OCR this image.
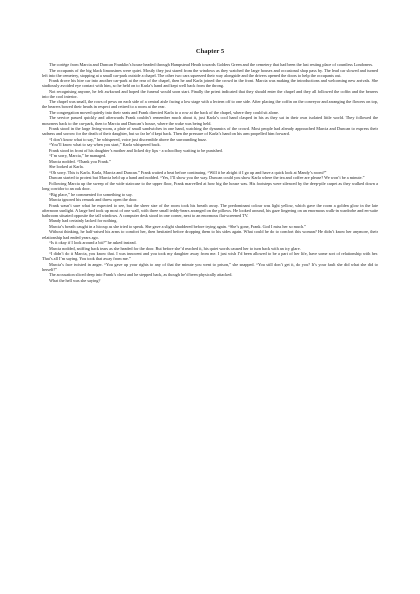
Chapter 5

The cortège from Marcia and Duncan Franklin’s house headed through Hampstead Heath towards Golders Green and the cemetery that had been the last resting place of countless Londoners.

The occupants of the big black limousines were quiet. Mostly they just stared from the windows as they watched the large houses and occasional shop pass by. The lead car slowed and turned left into the cemetery, stopping at a small car-park outside a chapel. The other two cars squeezed their way alongside and the drivers opened the doors to help the occupants out.

Frank drove his hire car into another car-park at the rear of the chapel, then he and Karla joined the crowd in the front. Marcia was making the introductions and welcoming new arrivals. She studiously avoided eye contact with him, so he held on to Karla’s hand and kept well back from the throng.

Not recognising anyone, he felt awkward and hoped the funeral would soon start. Finally the priest indicated that they should enter the chapel and they all followed the coffin and the bearers into the cool interior.

The chapel was small, the rows of pews on each side of a central aisle facing a low stage with a lectern off to one side. After placing the coffin on the conveyor and arranging the flowers on top, the bearers bowed their heads in respect and retired to a room at the rear.

The congregation moved quietly into their seats and Frank directed Karla to a row at the back of the chapel, where they could sit alone.

The service passed quickly and afterwards Frank couldn’t remember much about it, just Karla’s cool hand clasped in his as they sat in their own isolated little world. They followed the mourners back to the car-park, then to Marcia and Duncan’s house, where the wake was being held.

Frank stood in the large living-room, a plate of small sandwiches in one hand, watching the dynamics of the crowd. Most people had already approached Marcia and Duncan to express their sadness and sorrow for the death of their daughter, but so far he’d kept back. Then the pressure of Karla’s hand on his arm propelled him forward.

“I don’t know what to say,” he whispered, voice just discernible above the surrounding buzz.

“You’ll know what to say when you start,” Karla whispered back.

Frank stood in front of his daughter’s mother and licked dry lips - a schoolboy waiting to be punished.

“I’m sorry, Marcia,” he managed.

Marcia nodded. “Thank you Frank.”

She looked at Karla.

“Oh sorry. This is Karla. Karla, Marcia and Duncan.” Frank waited a beat before continuing. “Will it be alright if I go up and have a quick look at Mandy’s room?”

Duncan started to protest but Marcia held up a hand and nodded. “Yes, I’ll show you the way. Duncan could you show Karla where the tea and coffee are please? We won’t be a minute.”

Following Marcia up the sweep of the wide staircase to the upper floor, Frank marvelled at how big the house was. His footsteps were silenced by the deep-pile carpet as they walked down a long corridor to an oak door.

“Big place,” he commented for something to say.

Marcia ignored his remark and threw open the door.

Frank wasn’t sure what he expected to see, but the sheer size of the room took his breath away. The predominant colour was light yellow, which gave the room a golden glow in the late afternoon sunlight. A large bed took up most of one wall, with three small teddy-bears arranged on the pillows. He looked around, his gaze lingering on an enormous walk-in wardrobe and en-suite bathroom situated opposite the tall windows. A computer desk stood in one corner, next to an enormous flat-screened TV.

Mandy had certainly lacked for nothing.

Marcia’s breath caught in a hiccup as she tried to speak. She gave a slight shuddered before trying again. “She’s gone, Frank. God I miss her so much.”

Without thinking, he half-raised his arms to comfort her, then hesitated before dropping them to his sides again. What could he do to comfort this woman? He didn’t know her anymore, their relationship had ended years ago.

“Is it okay if I look around a bit?” he asked instead.

Marcia nodded, sniffing back tears as she headed for the door. But before she’d reached it, his quiet words caused her to turn back with an icy glare.

“I didn’t do it Marcia, you know that. I was innocent and you took my daughter away from me. I just wish I’d been allowed to be a part of her life, have some sort of relationship with her. That’s all I’m saying. You took that away from me.”

Marcia’s face twisted in anger. “You gave up your rights to any of that the minute you went to prison,” she snapped. “You still don’t get it, do you? It’s your fault she did what she did to herself!”

The accusation sliced deep into Frank’s chest and he stepped back, as though he’d been physically attacked.

What the hell was she saying?
